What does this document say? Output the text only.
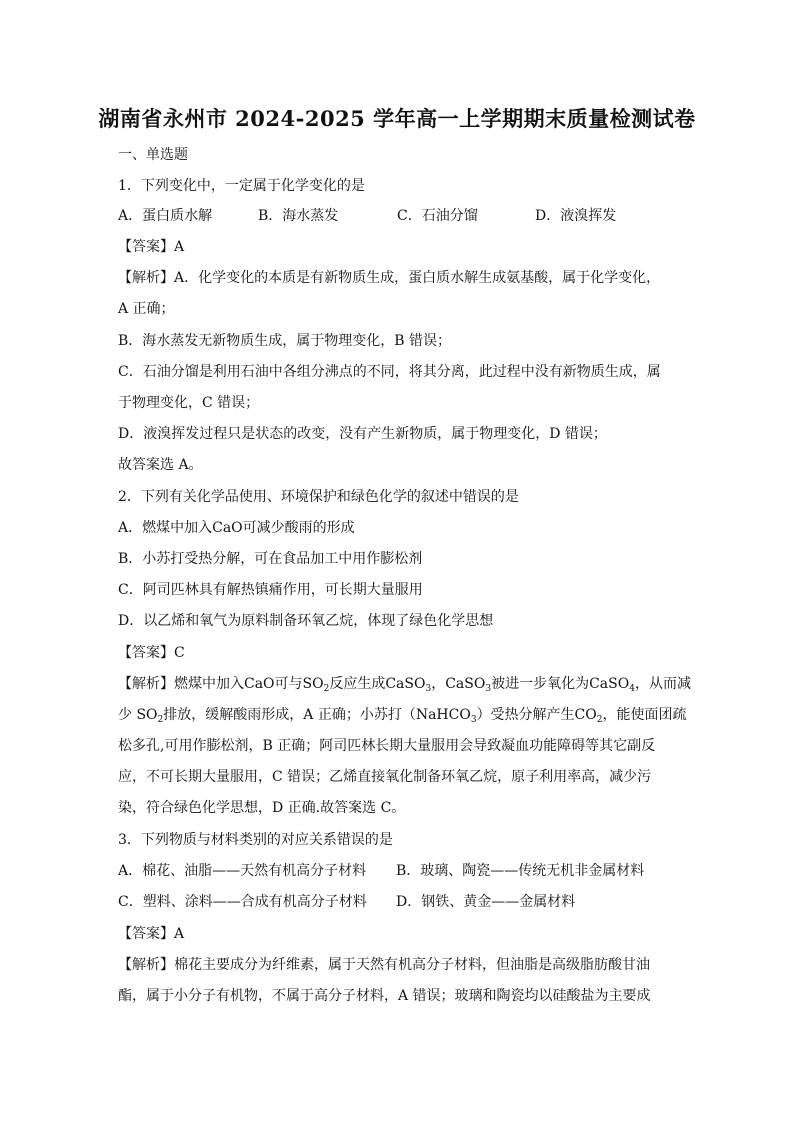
湖南省永州市 2024-2025 学年高一上学期期末质量检测试卷
一、单选题
1．下列变化中，一定属于化学变化的是
A．蛋白质水解	B．海水蒸发	C．石油分馏	D．液溴挥发
【答案】A
【解析】A．化学变化的本质是有新物质生成，蛋白质水解生成氨基酸，属于化学变化，
A 正确；
B．海水蒸发无新物质生成，属于物理变化，B 错误；
C．石油分馏是利用石油中各组分沸点的不同，将其分离，此过程中没有新物质生成，属
于物理变化，C 错误；
D．液溴挥发过程只是状态的改变，没有产生新物质，属于物理变化，D 错误；
故答案选 A。
2．下列有关化学品使用、环境保护和绿色化学的叙述中错误的是
A．燃煤中加入CaO可减少酸雨的形成
B．小苏打受热分解，可在食品加工中用作膨松剂
C．阿司匹林具有解热镇痛作用，可长期大量服用
D．以乙烯和氧气为原料制备环氧乙烷，体现了绿色化学思想
【答案】C
【解析】燃煤中加入CaO可与$SO_2$反应生成CaSO$_3$，CaSO$_3$被进一步氧化为CaSO$_4$，从而减
少 $SO_2$排放，缓解酸雨形成，A 正确；小苏打（NaHCO$_3$）受热分解产生$CO_2$，能使面团疏
松多孔,可用作膨松剂，B 正确；阿司匹林长期大量服用会导致凝血功能障碍等其它副反
应，不可长期大量服用，C 错误；乙烯直接氧化制备环氧乙烷，原子利用率高，减少污
染，符合绿色化学思想，D 正确.故答案选 C。
3．下列物质与材料类别的对应关系错误的是
A．棉花、油脂——天然有机高分子材料 B．玻璃、陶瓷——传统无机非金属材料
C．塑料、涂料——合成有机高分子材料 D．钢铁、黄金——金属材料
【答案】A
【解析】棉花主要成分为纤维素，属于天然有机高分子材料，但油脂是高级脂肪酸甘油
酯，属于小分子有机物，不属于高分子材料，A 错误；玻璃和陶瓷均以硅酸盐为主要成
